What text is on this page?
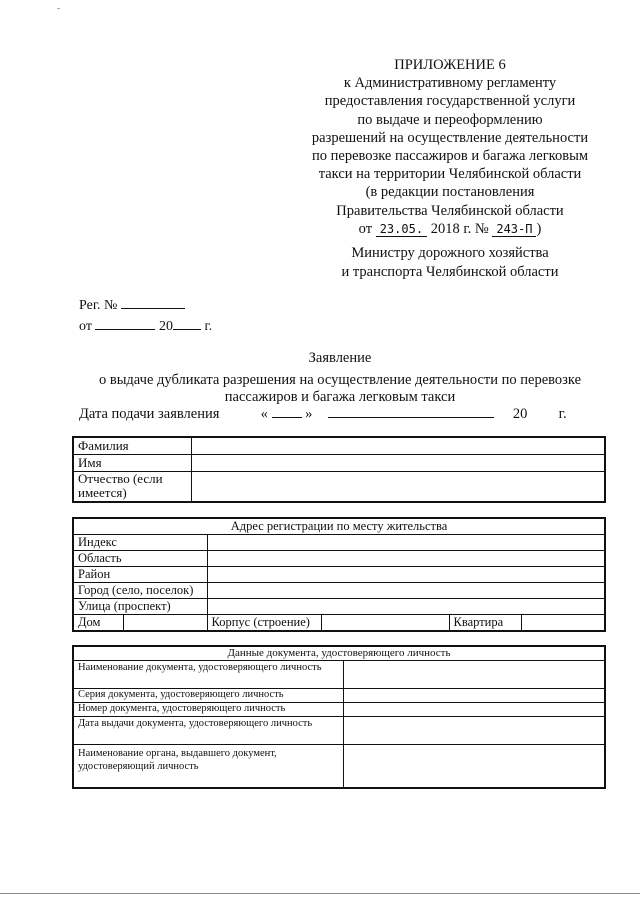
ПРИЛОЖЕНИЕ 6
к Административному регламенту
предоставления государственной услуги
по выдаче и переоформлению
разрешений на осуществление деятельности
по перевозке пассажиров и багажа легковым
такси на территории Челябинской области
(в редакции постановления
Правительства Челябинской области
от 23.05. 2018 г. № 243-П )
Министру дорожного хозяйства
и транспорта Челябинской области
Рег. №
от	20 г.
Заявление
о выдаче дубликата разрешения на осуществление деятельности по перевозке
пассажиров и багажа легковым такси
Дата подачи заявления	«	»	20 г.
Фамилия	
Имя	
Отчество (если имеется)	
Адрес регистрации по месту жительства					
Индекс					
Область					
Район					
Город (село, поселок)					
Улица (проспект)					
Дом		Корпус (строение)		Квартира	
Данные документа, удостоверяющего личность	
Наименование документа, удостоверяющего личность	
Серия документа, удостоверяющего личность	
Номер документа, удостоверяющего личность	
Дата выдачи документа, удостоверяющего личность	
Наименование органа, выдавшего документ, удостоверяющий личность	
